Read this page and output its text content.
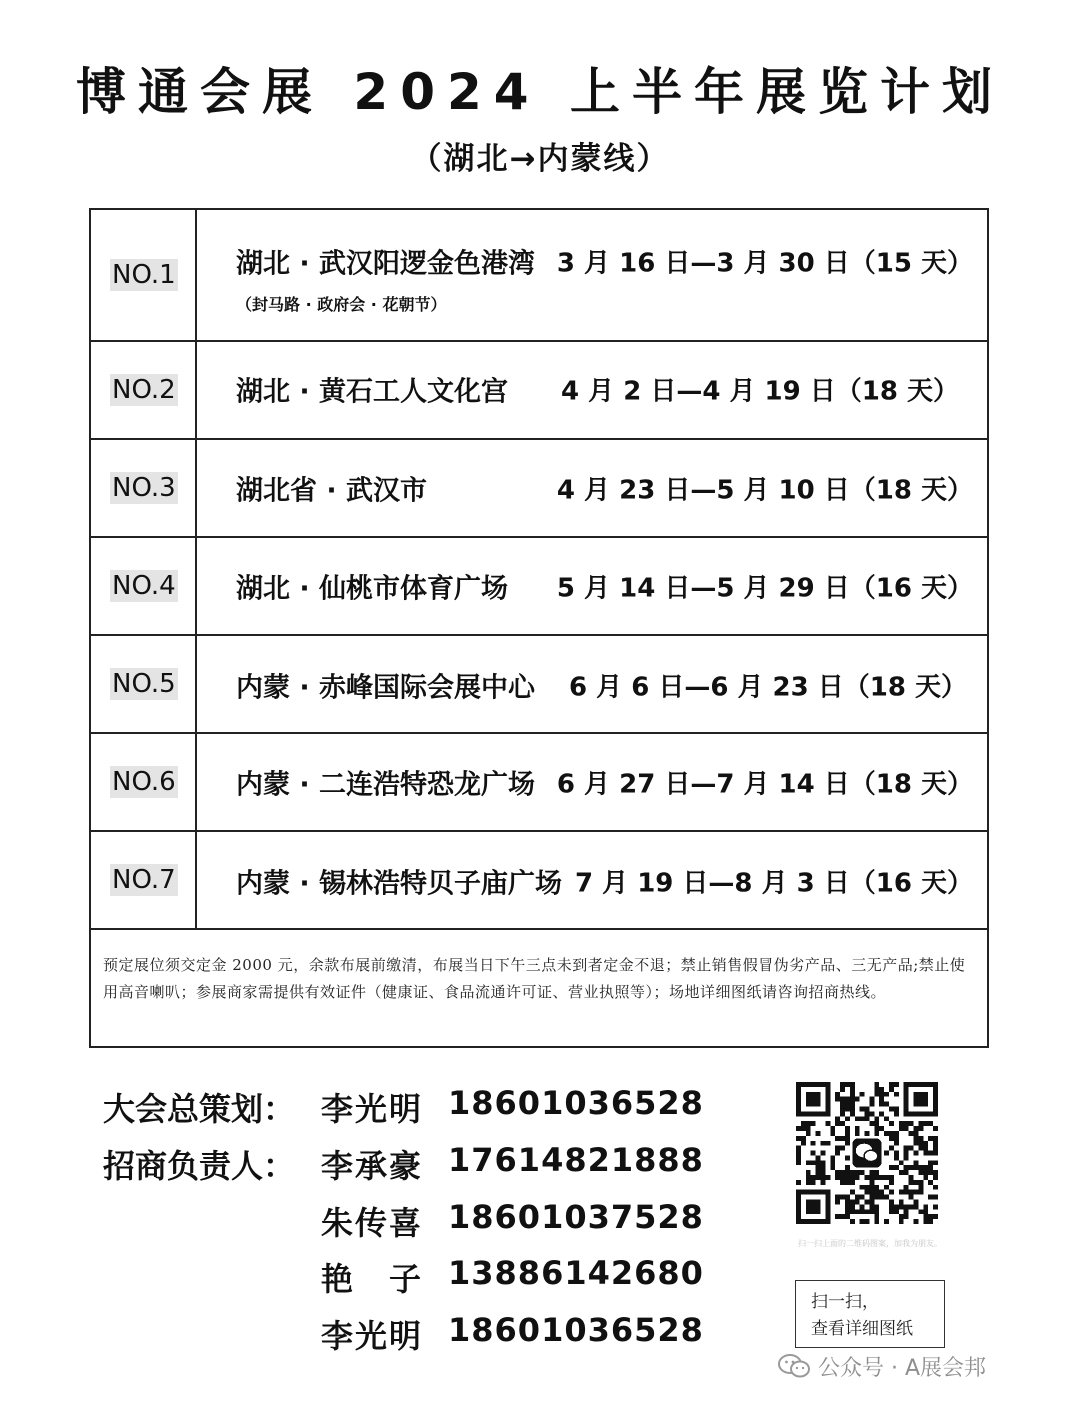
博通会展 2024 上半年展览计划
（湖北→内蒙线）
NO.1 湖北 · 武汉阳逻金色港湾
（封马路 · 政府会 · 花朝节）
3 月 16 日—3 月 30 日（15 天）
NO.2 湖北 · 黄石工人文化宫 4 月 2 日—4 月 19 日（18 天）
NO.3 湖北省 · 武汉市	4 月 23 日—5 月 10 日（18 天）
NO.4 湖北 · 仙桃市体育广场 5 月 14 日—5 月 29 日（16 天）
NO.5 内蒙 · 赤峰国际会展中心 6 月 6 日—6 月 23 日（18 天）
NO.6 内蒙 · 二连浩特恐龙广场 6 月 27 日—7 月 14 日（18 天）
NO.7 内蒙 · 锡林浩特贝子庙广场 7 月 19 日—8 月 3 日（16 天）
预定展位须交定金 2000 元，余款布展前缴清，布展当日下午三点未到者定金不退；禁止销售假冒伪劣产品、三无产品;禁止使用高音喇叭；参展商家需提供有效证件（健康证、食品流通许可证、营业执照等）；场地详细图纸请咨询招商热线。
大会总策划： 李光明 18601036528
招商负责人： 李承豪 17614821888
朱传喜 18601037528
艳　子 13886142680
李光明 18601036528
扫一扫上面的二维码图案，加我为朋友。
扫一扫，
查看详细图纸
公众号 · A展会邦
